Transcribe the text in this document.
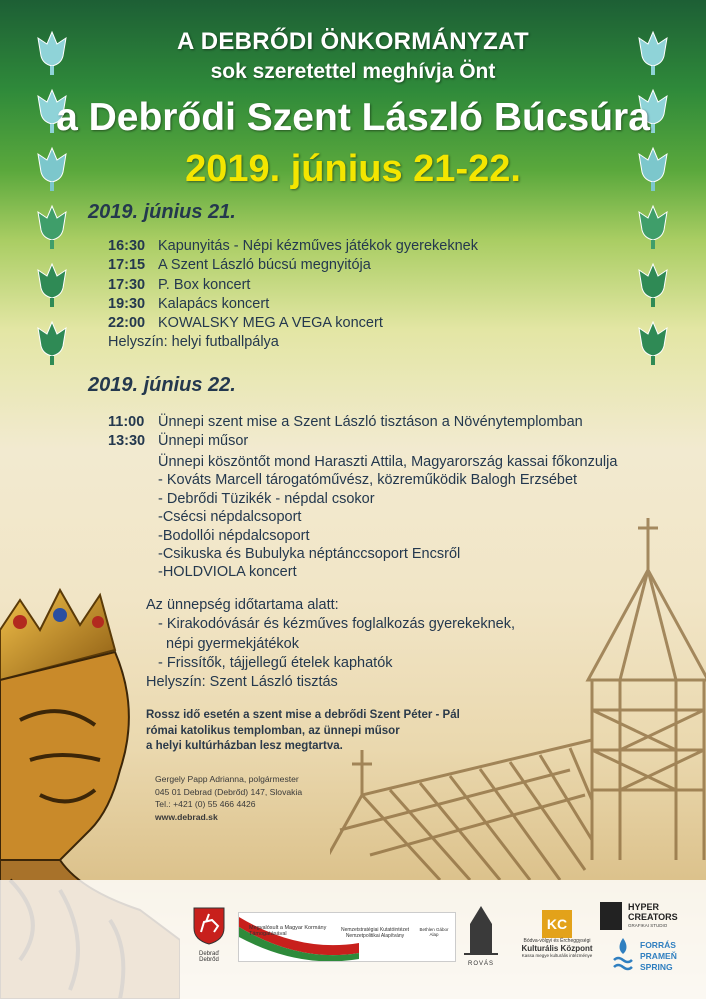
A DEBRŐDI ÖNKORMÁNYZAT
sok szeretettel meghívja Önt
a Debrődi Szent László Búcsúra
2019. június 21-22.
2019. június 21.
16:30 Kapunyitás - Népi kézműves játékok gyerekeknek
17:15 A Szent László búcsú megnyitója
17:30 P. Box koncert
19:30 Kalapács koncert
22:00 KOWALSKY MEG A VEGA koncert
Helyszín: helyi futballpálya
2019. június 22.
11:00 Ünnepi szent mise a Szent László tisztáson a Növénytemplomban
13:30 Ünnepi műsor
Ünnepi köszöntőt mond Haraszti Attila, Magyarország kassai főkonzulja
- Kováts Marcell tárogatóművész, közreműködik Balogh Erzsébet
- Debrődi Tüzikék - népdal csokor
-Csécsi népdalcsoport
-Bodollói népdalcsoport
-Csikuska és Bubulyka néptánccsoport Encsről
-HOLDVIOLA koncert
Az ünnepség időtartama alatt:
- Kirakodóvásár és kézműves foglalkozás gyerekeknek,
népi gyermekjátékok
- Frissítők, tájjellegű ételek kaphatók
Helyszín: Szent László tisztás
Rossz idő esetén a szent mise a debrődi Szent Péter - Pál
római katolikus templomban, az ünnepi műsor
a helyi kultúrházban lesz megtartva.
Gergely Papp Adrianna, polgármester
045 01 Debrad (Debrőd) 147, Slovakia
Tel.: +421 (0) 55 466 4426
www.debrad.sk
Debraď
Debrőd
Megvalósult a Magyar Kormány Támogatásával
Nemzetstratégiai Kutatóintézet Nemzetpolitikai Alapítvány
Bethlen Gábor Alap
ROVÁS
KC
Bódva-völgyi és Ércheggységi
Kulturális Központ
Kassa megye kulturális intézménye
HYPER
CREATORS
GRAFIKAI STUDIO
FORRÁS
PRAMEŇ
SPRING
